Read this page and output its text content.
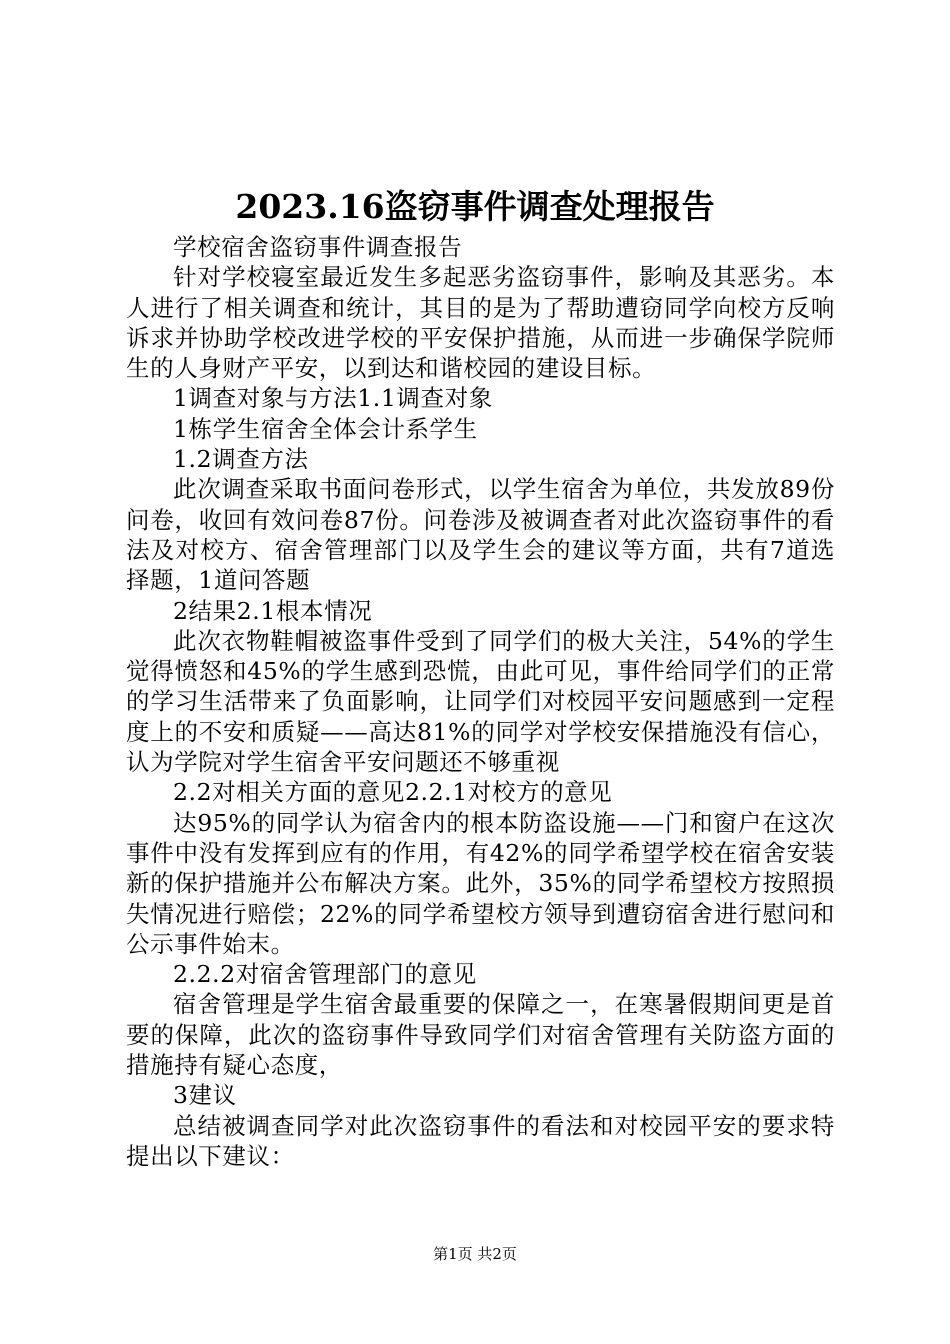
2023.16盗窃事件调查处理报告

学校宿舍盗窃事件调查报告

针对学校寝室最近发生多起恶劣盗窃事件，影响及其恶劣。本人进行了相关调查和统计，其目的是为了帮助遭窃同学向校方反响诉求并协助学校改进学校的平安保护措施，从而进一步确保学院师生的人身财产平安，以到达和谐校园的建设目标。

1调查对象与方法1.1调查对象

1栋学生宿舍全体会计系学生

1.2调查方法

此次调查采取书面问卷形式，以学生宿舍为单位，共发放89份问卷，收回有效问卷87份。问卷涉及被调查者对此次盗窃事件的看法及对校方、宿舍管理部门以及学生会的建议等方面，共有7道选择题，1道问答题

2结果2.1根本情况

此次衣物鞋帽被盗事件受到了同学们的极大关注，54%的学生觉得愤怒和45%的学生感到恐慌，由此可见，事件给同学们的正常的学习生活带来了负面影响，让同学们对校园平安问题感到一定程度上的不安和质疑——高达81%的同学对学校安保措施没有信心，认为学院对学生宿舍平安问题还不够重视

2.2对相关方面的意见2.2.1对校方的意见

达95%的同学认为宿舍内的根本防盗设施——门和窗户在这次事件中没有发挥到应有的作用，有42%的同学希望学校在宿舍安装新的保护措施并公布解决方案。此外，35%的同学希望校方按照损失情况进行赔偿；22%的同学希望校方领导到遭窃宿舍进行慰问和公示事件始末。

2.2.2对宿舍管理部门的意见

宿舍管理是学生宿舍最重要的保障之一，在寒暑假期间更是首要的保障，此次的盗窃事件导致同学们对宿舍管理有关防盗方面的措施持有疑心态度，

3建议

总结被调查同学对此次盗窃事件的看法和对校园平安的要求特提出以下建议：

第1页 共2页
